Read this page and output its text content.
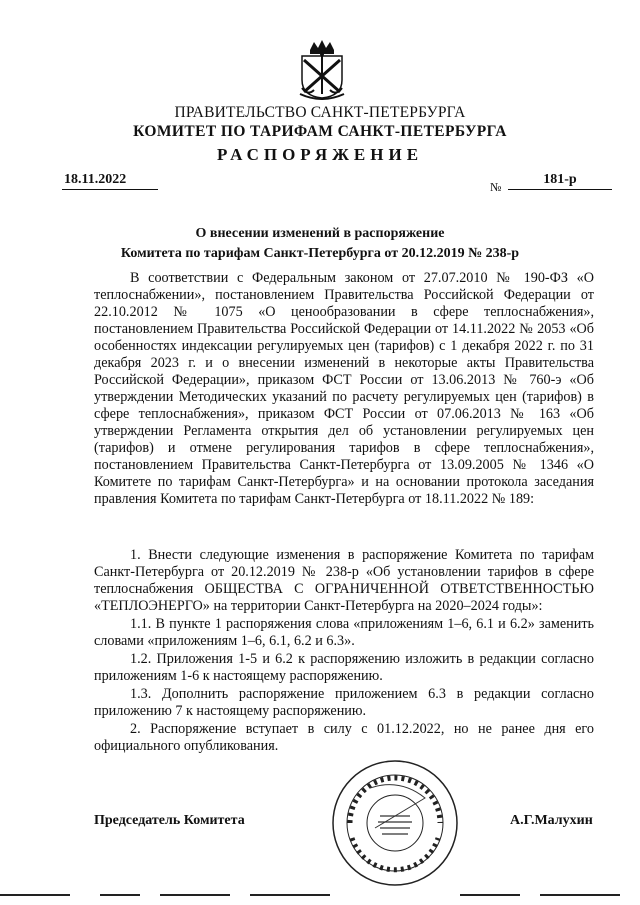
ПРАВИТЕЛЬСТВО САНКТ-ПЕТЕРБУРГА
КОМИТЕТ ПО ТАРИФАМ САНКТ-ПЕТЕРБУРГА
РАСПОРЯЖЕНИЕ
18.11.2022	№	181-р
О внесении изменений в распоряжение
Комитета по тарифам Санкт-Петербурга от 20.12.2019 № 238-р

В соответствии с Федеральным законом от 27.07.2010 № 190-ФЗ «О теплоснабжении», постановлением Правительства Российской Федерации от 22.10.2012 № 1075 «О ценообразовании в сфере теплоснабжения», постановлением Правительства Российской Федерации от 14.11.2022 № 2053 «Об особенностях индексации регулируемых цен (тарифов) с 1 декабря 2022 г. по 31 декабря 2023 г. и о внесении изменений в некоторые акты Правительства Российской Федерации», приказом ФСТ России от 13.06.2013 № 760-э «Об утверждении Методических указаний по расчету регулируемых цен (тарифов) в сфере теплоснабжения», приказом ФСТ России от 07.06.2013 № 163 «Об утверждении Регламента открытия дел об установлении регулируемых цен (тарифов) и отмене регулирования тарифов в сфере теплоснабжения», постановлением Правительства Санкт-Петербурга от 13.09.2005 № 1346 «О Комитете по тарифам Санкт-Петербурга» и на основании протокола заседания правления Комитета по тарифам Санкт-Петербурга от 18.11.2022 № 189:

1. Внести следующие изменения в распоряжение Комитета по тарифам Санкт-Петербурга от 20.12.2019 № 238-р «Об установлении тарифов в сфере теплоснабжения ОБЩЕСТВА С ОГРАНИЧЕННОЙ ОТВЕТСТВЕННОСТЬЮ «ТЕПЛОЭНЕРГО» на территории Санкт-Петербурга на 2020–2024 годы»:

1.1. В пункте 1 распоряжения слова «приложениям 1–6, 6.1 и 6.2» заменить словами «приложениям 1–6, 6.1, 6.2 и 6.3».

1.2. Приложения 1-5 и 6.2 к распоряжению изложить в редакции согласно приложениям 1-6 к настоящему распоряжению.

1.3. Дополнить распоряжение приложением 6.3 в редакции согласно приложению 7 к настоящему распоряжению.

2. Распоряжение вступает в силу с 01.12.2022, но не ранее дня его официального опубликования.

Председатель Комитета	А.Г.Малухин
